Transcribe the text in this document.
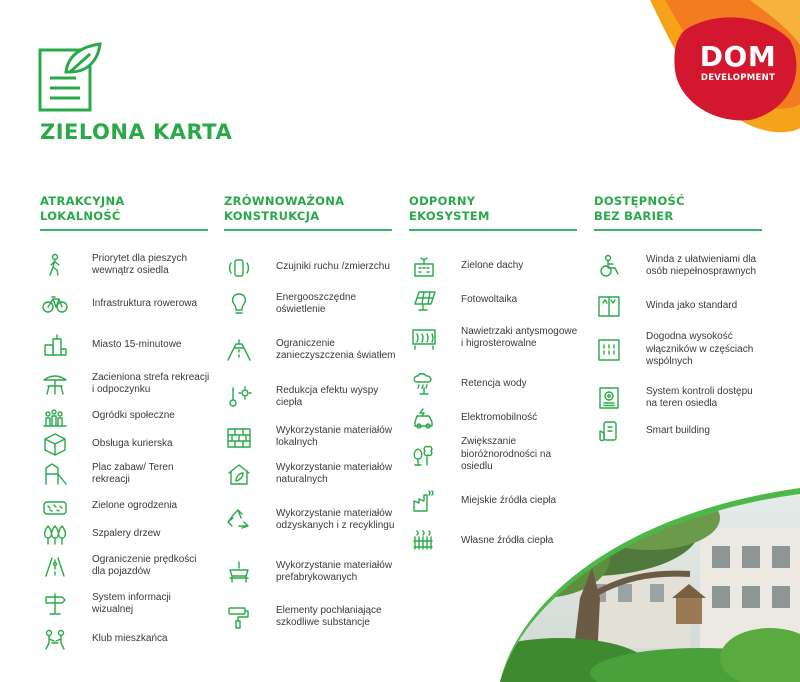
DOM
DEVELOPMENT
ZIELONA KARTA
ATRAKCYJNA
LOKALNOŚĆ
ZRÓWNOWAŻONA
KONSTRUKCJA
ODPORNY
EKOSYSTEM
DOSTĘPNOŚĆ
BEZ BARIER
Priorytet dla pieszych wewnątrz osiedla
Infrastruktura rowerowa
Miasto 15-minutowe
Zacieniona strefa rekreacji i odpoczynku
Ogródki społeczne
Obsługa kurierska
Plac zabaw/ Teren rekreacji
Zielone ogrodzenia
Szpalery drzew
Ograniczenie prędkości dla pojazdów
System informacji wizualnej
Klub mieszkańca
Czujniki ruchu /zmierzchu
Energooszczędne oświetlenie
Ograniczenie zanieczyszczenia światłem
Redukcja efektu wyspy ciepła
Wykorzystanie materiałów lokalnych
Wykorzystanie materiałów naturalnych
Wykorzystanie materiałów odzyskanych i z recyklingu
Wykorzystanie materiałów prefabrykowanych
Elementy pochłaniające szkodliwe substancje
Zielone dachy
Fotowoltaika
Nawietrzaki antysmogowe i higrosterowalne
Retencja wody
Elektromobilność
Zwiększanie bioróżnorodności na osiedlu
Miejskie źródła ciepła
Własne źródła ciepła
Winda z ułatwieniami dla osób niepełnosprawnych
Winda jako standard
Dogodna wysokość włączników w częściach wspólnych
System kontroli dostępu na teren osiedla
Smart building
